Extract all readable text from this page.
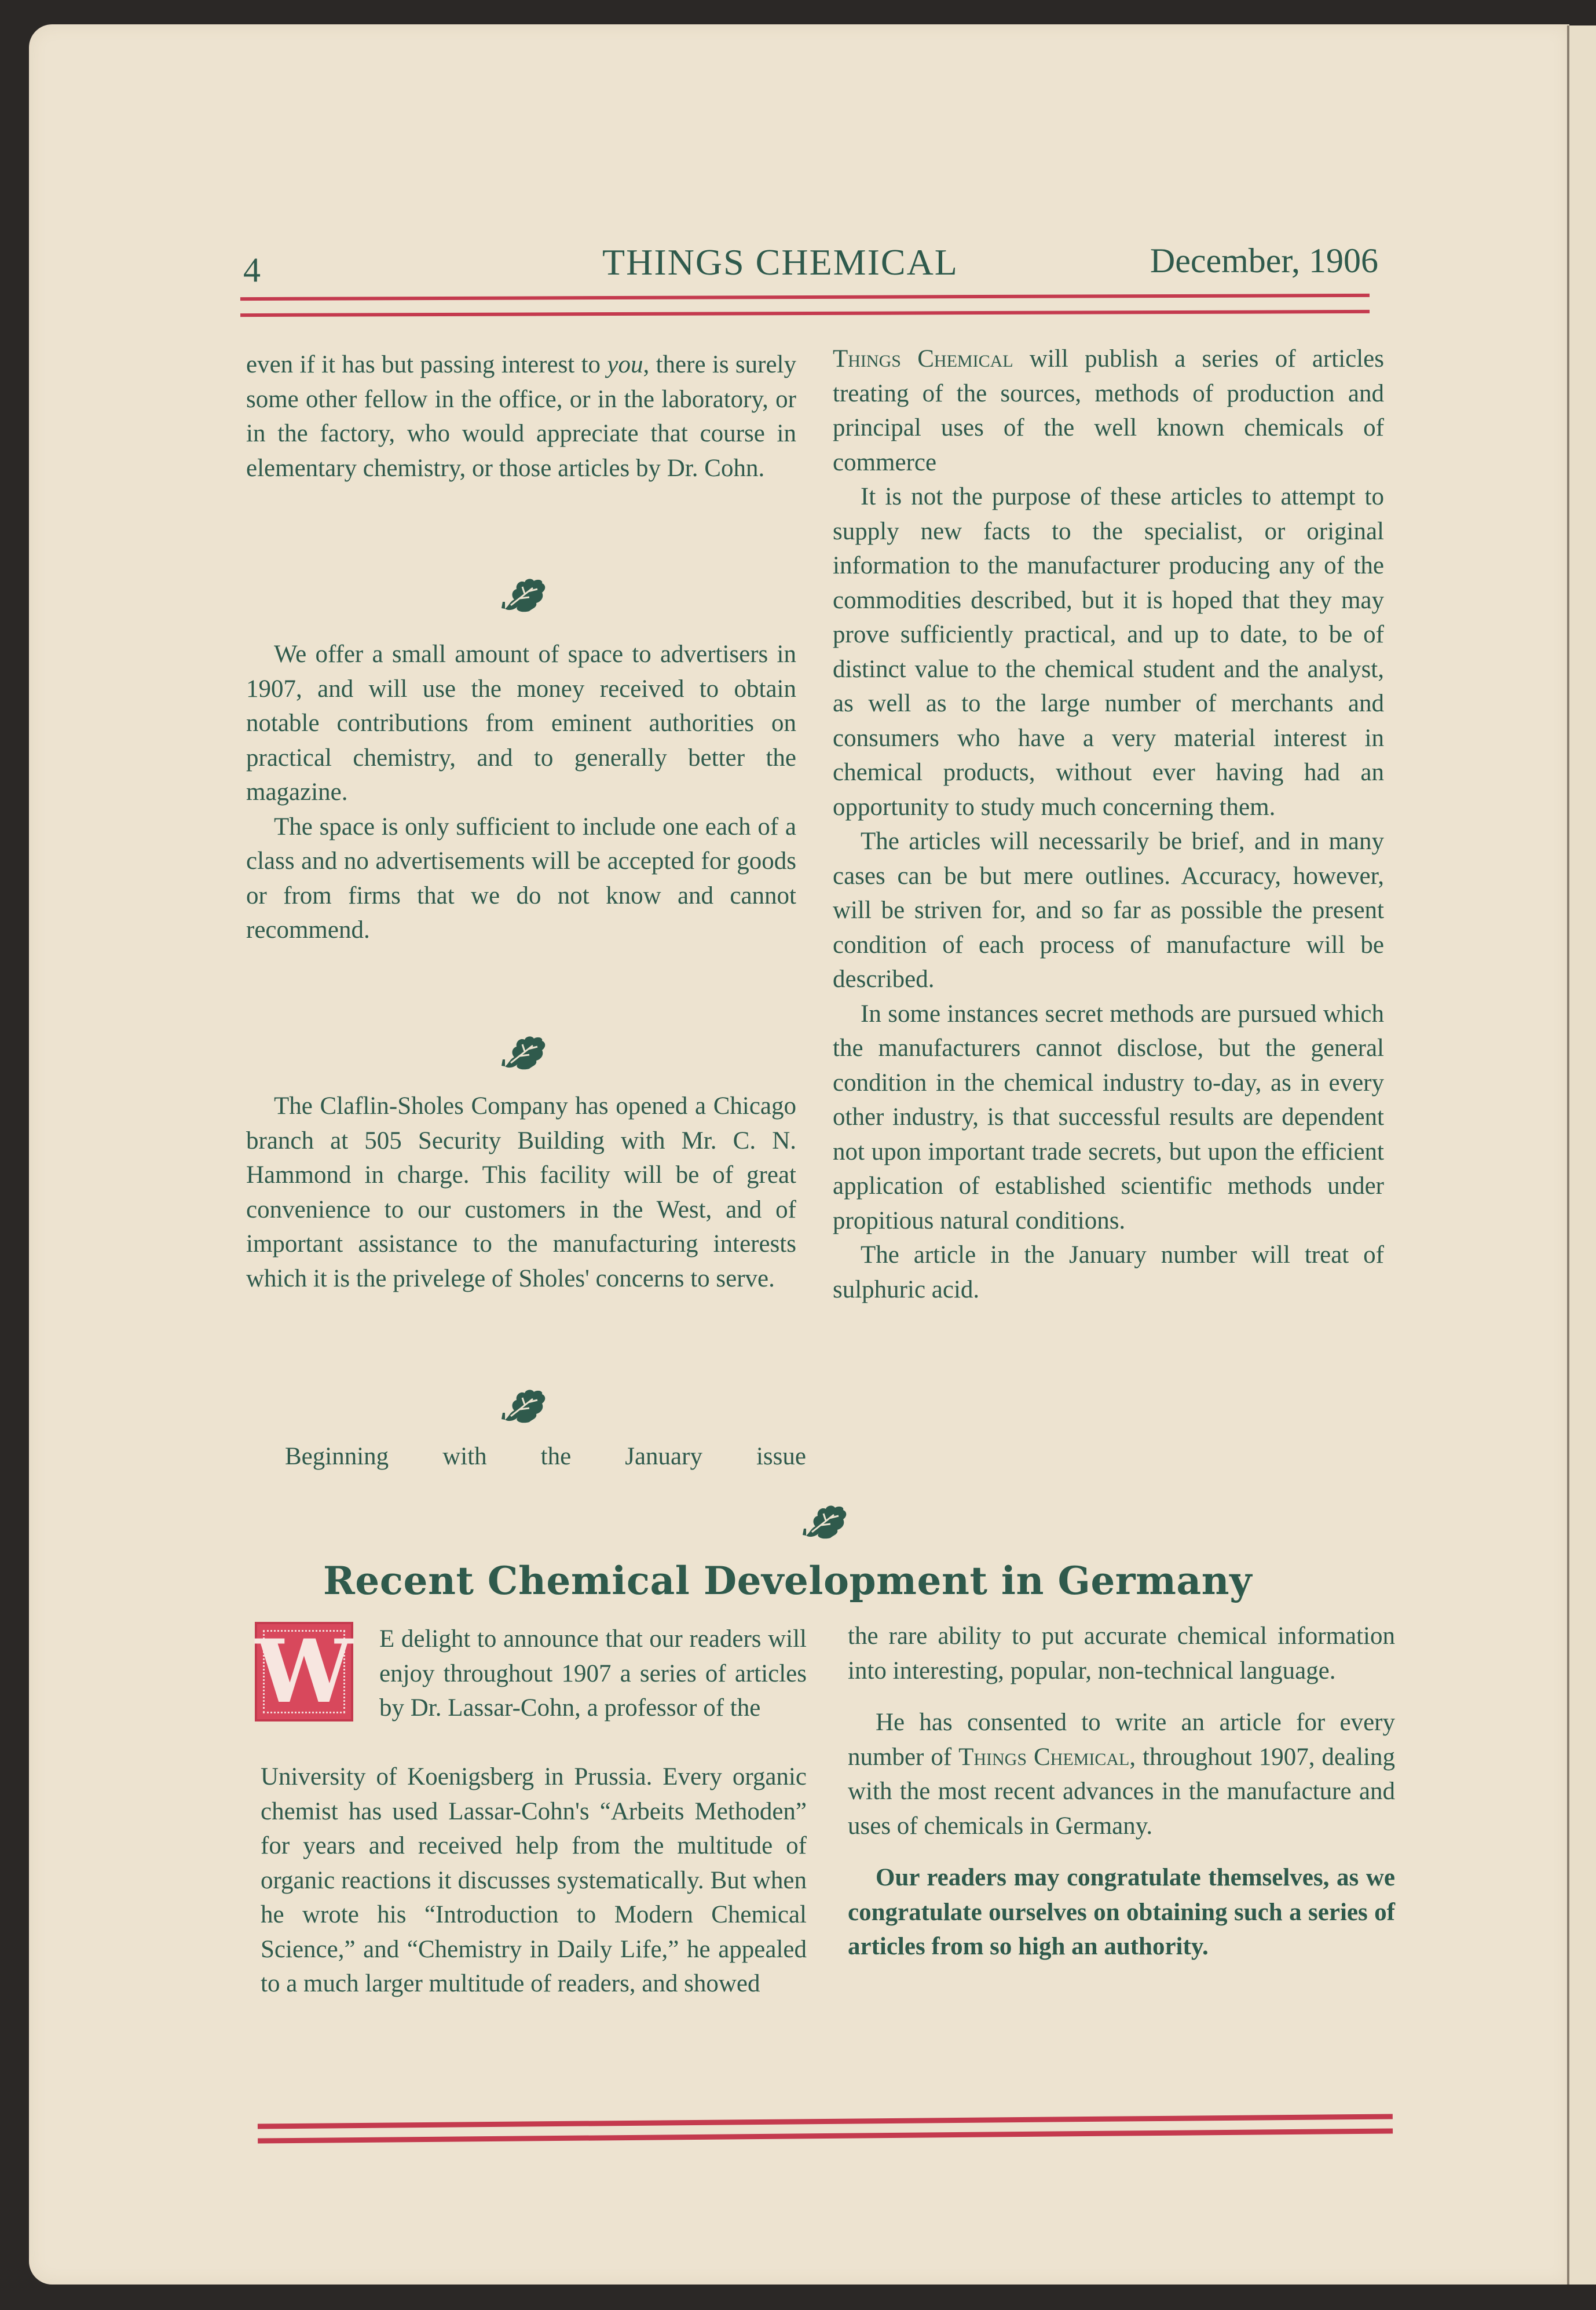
4	THINGS CHEMICAL	December, 1906

even if it has but passing interest to you, there is surely some other fellow in the office, or in the laboratory, or in the factory, who would appreciate that course in elementary chemistry, or those articles by Dr. Cohn.

We offer a small amount of space to advertisers in 1907, and will use the money received to obtain notable contributions from eminent authorities on practical chemistry, and to generally better the magazine.

The space is only sufficient to include one each of a class and no advertisements will be accepted for goods or from firms that we do not know and cannot recommend.

The Claflin-Sholes Company has opened a Chicago branch at 505 Security Building with Mr. C. N. Hammond in charge. This facility will be of great convenience to our customers in the West, and of important assistance to the manufacturing interests which it is the privelege of Sholes' concerns to serve.

Beginning with the January issue

Things Chemical will publish a series of articles treating of the sources, methods of production and principal uses of the well known chemicals of commerce

It is not the purpose of these articles to attempt to supply new facts to the specialist, or original information to the manufacturer producing any of the commodities described, but it is hoped that they may prove sufficiently practical, and up to date, to be of distinct value to the chemical student and the analyst, as well as to the large number of merchants and consumers who have a very material interest in chemical products, without ever having had an opportunity to study much concerning them.

The articles will necessarily be brief, and in many cases can be but mere outlines. Accuracy, however, will be striven for, and so far as possible the present condition of each process of manufacture will be described.

In some instances secret methods are pursued which the manufacturers cannot disclose, but the general condition in the chemical industry to-day, as in every other industry, is that successful results are dependent not upon important trade secrets, but upon the efficient application of established scientific methods under propitious natural conditions.

The article in the January number will treat of sulphuric acid.

Recent Chemical Development in Germany
W E delight to announce that our readers will enjoy throughout 1907 a series of articles by Dr. Lassar-Cohn, a professor of the

University of Koenigsberg in Prussia. Every organic chemist has used Lassar-Cohn's “Arbeits Methoden” for years and received help from the multitude of organic reactions it discusses systematically. But when he wrote his “Introduction to Modern Chemical Science,” and “Chemistry in Daily Life,” he appealed to a much larger multitude of readers, and showed

the rare ability to put accurate chemical information into interesting, popular, non-technical language.

He has consented to write an article for every number of Things Chemical, throughout 1907, dealing with the most recent advances in the manufacture and uses of chemicals in Germany.

Our readers may congratulate themselves, as we congratulate ourselves on obtaining such a series of articles from so high an authority.
